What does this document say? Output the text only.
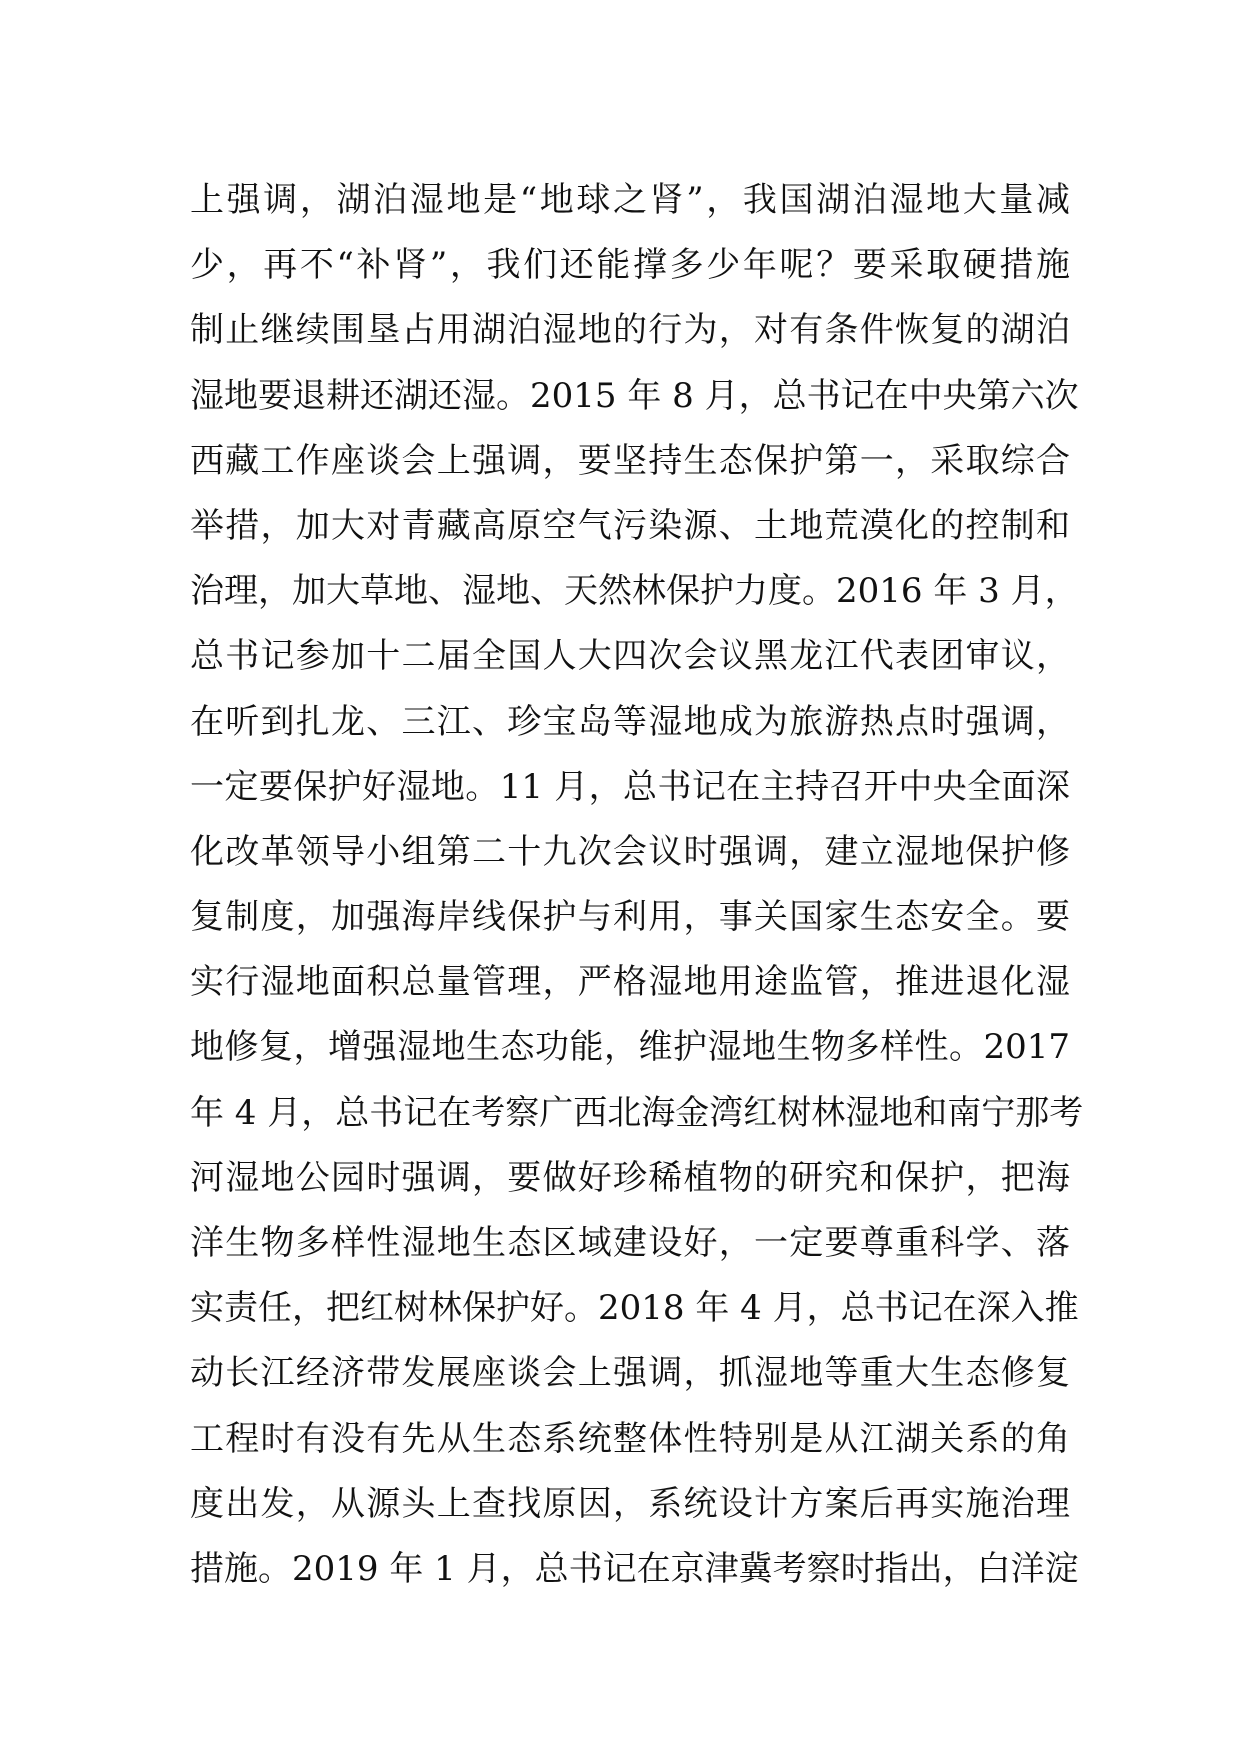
上强调，湖泊湿地是“地球之肾”，我国湖泊湿地大量减
少，再不“补肾”，我们还能撑多少年呢？要采取硬措施
制止继续围垦占用湖泊湿地的行为，对有条件恢复的湖泊
湿地要退耕还湖还湿。2015 年 8 月，总书记在中央第六次
西藏工作座谈会上强调，要坚持生态保护第一，采取综合
举措，加大对青藏高原空气污染源、土地荒漠化的控制和
治理，加大草地、湿地、天然林保护力度。2016 年 3 月，
总书记参加十二届全国人大四次会议黑龙江代表团审议，
在听到扎龙、三江、珍宝岛等湿地成为旅游热点时强调，
一定要保护好湿地。11 月，总书记在主持召开中央全面深
化改革领导小组第二十九次会议时强调，建立湿地保护修
复制度，加强海岸线保护与利用，事关国家生态安全。要
实行湿地面积总量管理，严格湿地用途监管，推进退化湿
地修复，增强湿地生态功能，维护湿地生物多样性。2017
年 4 月，总书记在考察广西北海金湾红树林湿地和南宁那考
河湿地公园时强调，要做好珍稀植物的研究和保护，把海
洋生物多样性湿地生态区域建设好，一定要尊重科学、落
实责任，把红树林保护好。2018 年 4 月，总书记在深入推
动长江经济带发展座谈会上强调，抓湿地等重大生态修复
工程时有没有先从生态系统整体性特别是从江湖关系的角
度出发，从源头上查找原因，系统设计方案后再实施治理
措施。2019 年 1 月，总书记在京津冀考察时指出，白洋淀
